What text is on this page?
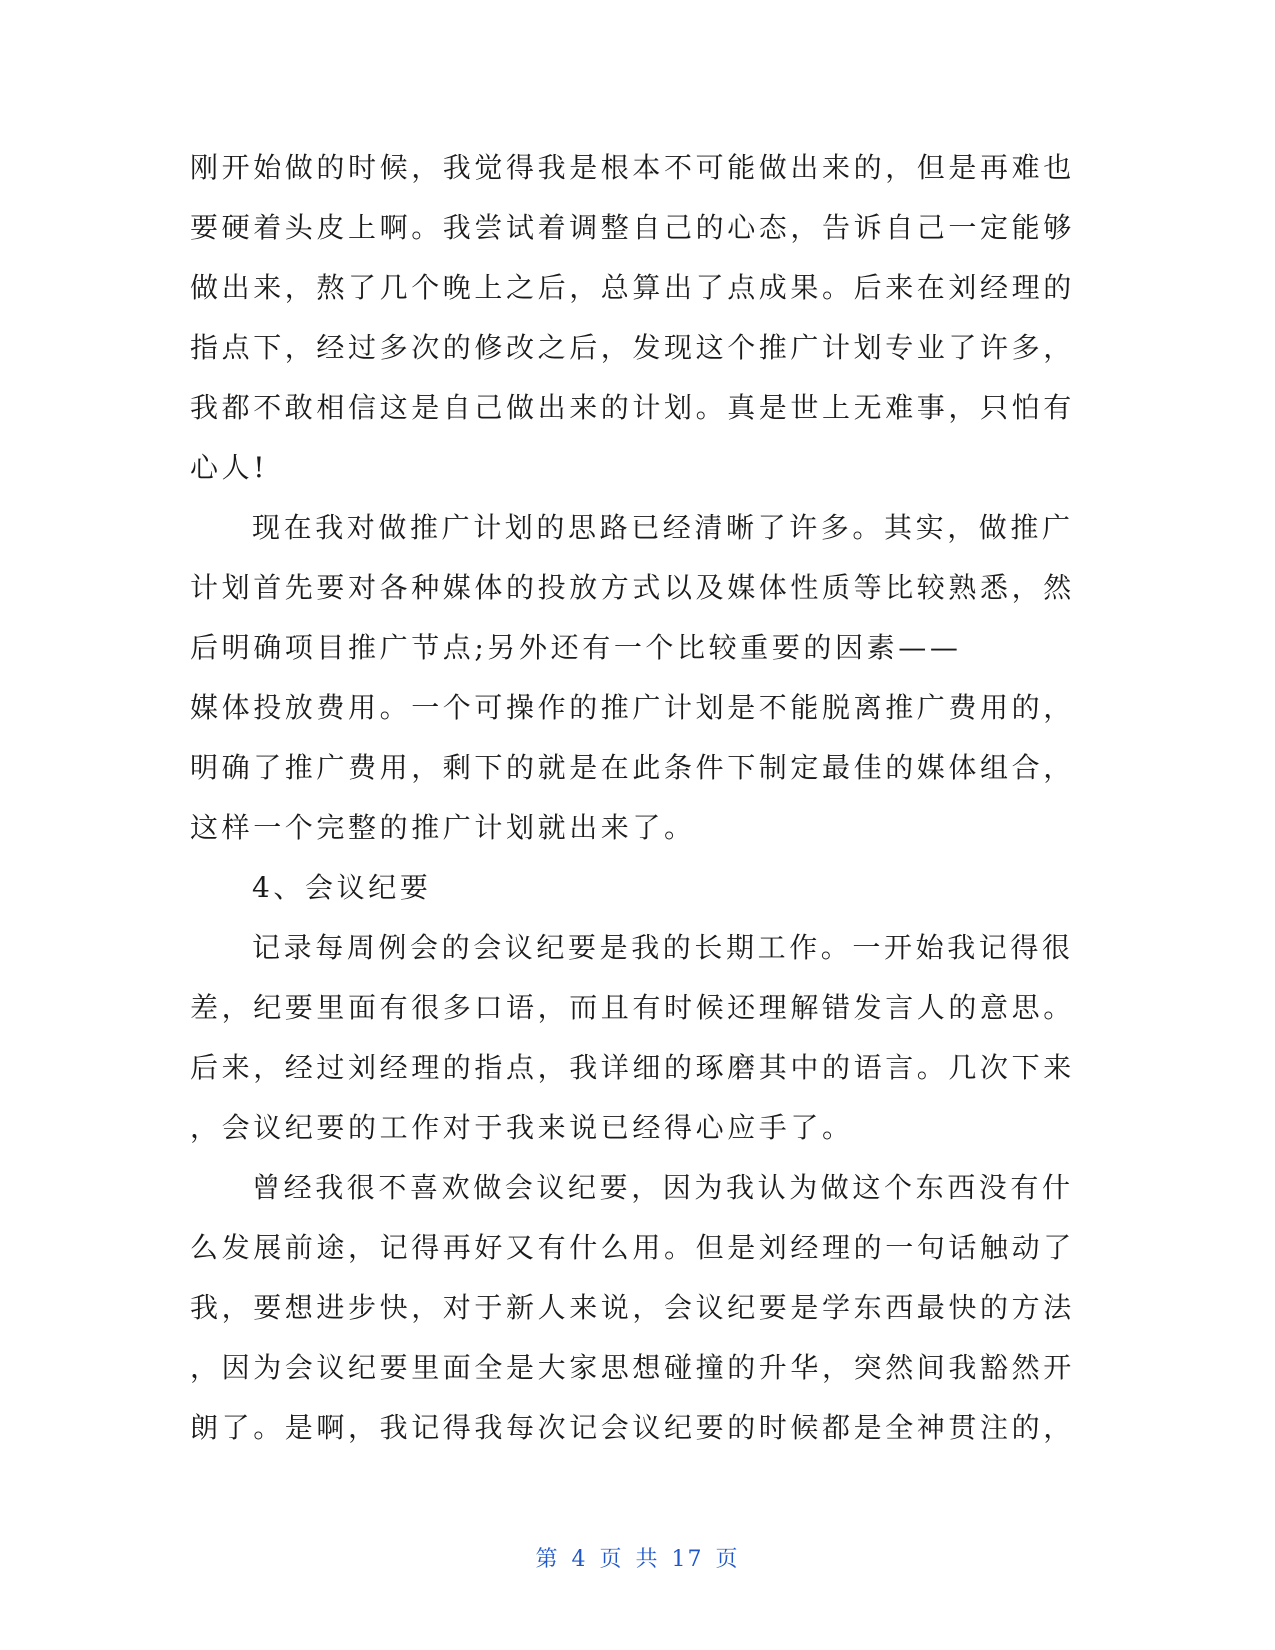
刚开始做的时候，我觉得我是根本不可能做出来的，但是再难也
要硬着头皮上啊。我尝试着调整自己的心态，告诉自己一定能够
做出来，熬了几个晚上之后，总算出了点成果。后来在刘经理的
指点下，经过多次的修改之后，发现这个推广计划专业了许多，
我都不敢相信这是自己做出来的计划。真是世上无难事，只怕有
心人!
现在我对做推广计划的思路已经清晰了许多。其实，做推广
计划首先要对各种媒体的投放方式以及媒体性质等比较熟悉，然
后明确项目推广节点;另外还有一个比较重要的因素——
媒体投放费用。一个可操作的推广计划是不能脱离推广费用的，
明确了推广费用，剩下的就是在此条件下制定最佳的媒体组合，
这样一个完整的推广计划就出来了。
4、会议纪要
记录每周例会的会议纪要是我的长期工作。一开始我记得很
差，纪要里面有很多口语，而且有时候还理解错发言人的意思。
后来，经过刘经理的指点，我详细的琢磨其中的语言。几次下来
，会议纪要的工作对于我来说已经得心应手了。
曾经我很不喜欢做会议纪要，因为我认为做这个东西没有什
么发展前途，记得再好又有什么用。但是刘经理的一句话触动了
我，要想进步快，对于新人来说，会议纪要是学东西最快的方法
，因为会议纪要里面全是大家思想碰撞的升华，突然间我豁然开
朗了。是啊，我记得我每次记会议纪要的时候都是全神贯注的，
第 4 页 共 17 页
